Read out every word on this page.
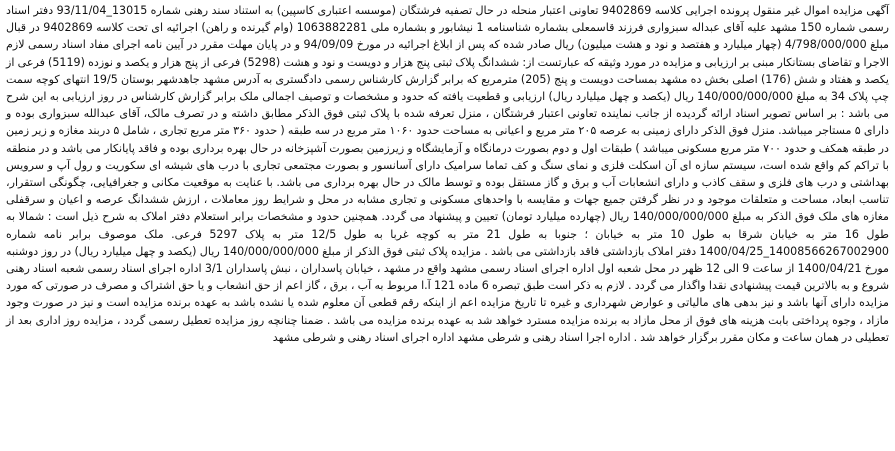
آگهی مزایده اموال غیر منقول پرونده اجرایی کلاسه 9402869 تعاونی اعتبار منحله در حال تصفیه فرشتگان (موسسه اعتباری کاسپین) به استناد سند رهنی شماره 13015_93/11/04 دفتر اسناد رسمی شماره 150 مشهد علیه آقای عبداله سبزواری فرزند قاسمعلی بشماره شناسنامه 1 نیشابور و بشماره ملی 1063882281 (وام گیرنده و راهن) اجرائیه ای تحت کلاسه 9402869 در قبال مبلغ 4/798/000/000 (چهار میلیارد و هفتصد و نود و هشت میلیون) ریال صادر شده که پس از ابلاغ اجرائیه در مورخ 94/09/09 و در پایان مهلت مقرر در آیین نامه اجرای مفاد اسناد رسمی لازم الاجرا و تقاضای بستانکار مبنی بر ارزیابی و مزایده در مورد وثیقه که عبارتست از: ششدانگ پلاک ثبتی پنج هزار و دویست و نود و هشت (5298) فرعی از پنج هزار و یکصد و نوزده (5119) فرعی از یکصد و هفتاد و شش (176) اصلی بخش ده مشهد بمساحت دویست و پنج (205) مترمربع که برابر گزارش کارشناس رسمی دادگستری به آدرس مشهد جاهدشهر بوستان 19/5 انتهای کوچه سمت چپ پلاک 34 به مبلغ 140/000/000/000 ریال (یکصد و چهل میلیارد ریال) ارزیابی و قطعیت یافته که حدود و مشخصات و توصیف اجمالی ملک برابر گزارش کارشناس در روز ارزیابی به این شرح می باشد : بر اساس تصویر اسناد ارائه گردیده از جانب نماینده تعاونی اعتبار فرشتگان ، منزل تعرفه شده با پلاک ثبتی فوق الذکر مطابق داشته و در تصرف مالک، آقای عبدالله سبزواری بوده و دارای ۵ مستاجر میباشد. منزل فوق الذکر دارای زمینی به عرصه ۲۰۵ متر مربع و اعیانی به مساحت حدود ۱۰۶۰ متر مربع در سه طبقه ( حدود ۳۶۰ متر مربع تجاری ، شامل ۵ دربند مغازه و زیر زمین در طبقه همکف و حدود ۷۰۰ متر مربع مسکونی میباشد ) طبقات اول و دوم بصورت درمانگاه و آزمایشگاه و زیرزمین بصورت آشپزخانه در حال بهره برداری بوده و فاقد پایانکار می باشد و در منطقه با تراکم کم واقع شده است، سیستم سازه ای آن اسکلت فلزی و نمای سنگ و کف تماما سرامیک دارای آسانسور و بصورت مجتمعی تجاری با درب های شیشه ای سکوریت و رول آپ و سرویس بهداشتی و درب های فلزی و سقف کاذب و دارای انشعابات آب و برق و گاز مستقل بوده و توسط مالک در حال بهره برداری می باشد. با عنایت به موقعیت مکانی و جغرافیایی، چگونگی استقرار، تناسب ابعاد، مساحت و متعلقات موجود و در نظر گرفتن جمیع جهات و مقایسه با واحدهای مسکونی و تجاری مشابه در محل و شرایط روز معاملات ، ارزش ششدانگ عرصه و اعیان و سرقفلی مغازه های ملک فوق الذکر به مبلغ 140/000/000/000 ریال (چهارده میلیارد تومان) تعیین و پیشنهاد می گردد. همچنین حدود و مشخصات برابر استعلام دفتر املاک به شرح ذیل است : شمالا به طول 16 متر به خیابان شرقا به طول 10 متر به خیابان ؛ جنوبا به طول 21 متر به کوچه غربا به طول 12/5 متر به پلاک 5297 فرعی. ملک موصوف برابر نامه شماره 14008566267002900_1400/04/25 دفتر املاک بازداشتی فاقد بازداشتی می باشد . مزایده پلاک ثبتی فوق الذکر از مبلغ 140/000/000/000 ریال (یکصد و چهل میلیارد ریال) در روز دوشنبه مورخ 1400/04/21 از ساعت 9 الی 12 ظهر در محل شعبه اول اداره اجرای اسناد رسمی مشهد واقع در مشهد ، خیابان پاسداران ، نبش پاسداران 3/1 اداره اجرای اسناد رسمی شعبه اسناد رهنی شروع و به بالاترین قیمت پیشنهادی نقدا واگذار می گردد . لازم به ذکر است طبق تبصره 6 ماده 121 آ.ا مربوط به آب ، برق ، گاز اعم از حق انشعاب و یا حق اشتراک و مصرف در صورتی که مورد مزایده دارای آنها باشد و نیز بدهی های مالیاتی و عوارض شهرداری و غیره تا تاریخ مزایده اعم از اینکه رقم قطعی آن معلوم شده یا نشده باشد به عهده برنده مزایده است و نیز در صورت وجود مازاد ، وجوه پرداختی بابت هزینه های فوق از محل مازاد به برنده مزایده مسترد خواهد شد به عهده برنده مزایده می باشد . ضمنا چنانچه روز مزایده تعطیل رسمی گردد ، مزایده روز اداری بعد از تعطیلی در همان ساعت و مکان مقرر برگزار خواهد شد . اداره اجرا اسناد رهنی و شرطی مشهد اداره اجرای اسناد رهنی و شرطی مشهد
